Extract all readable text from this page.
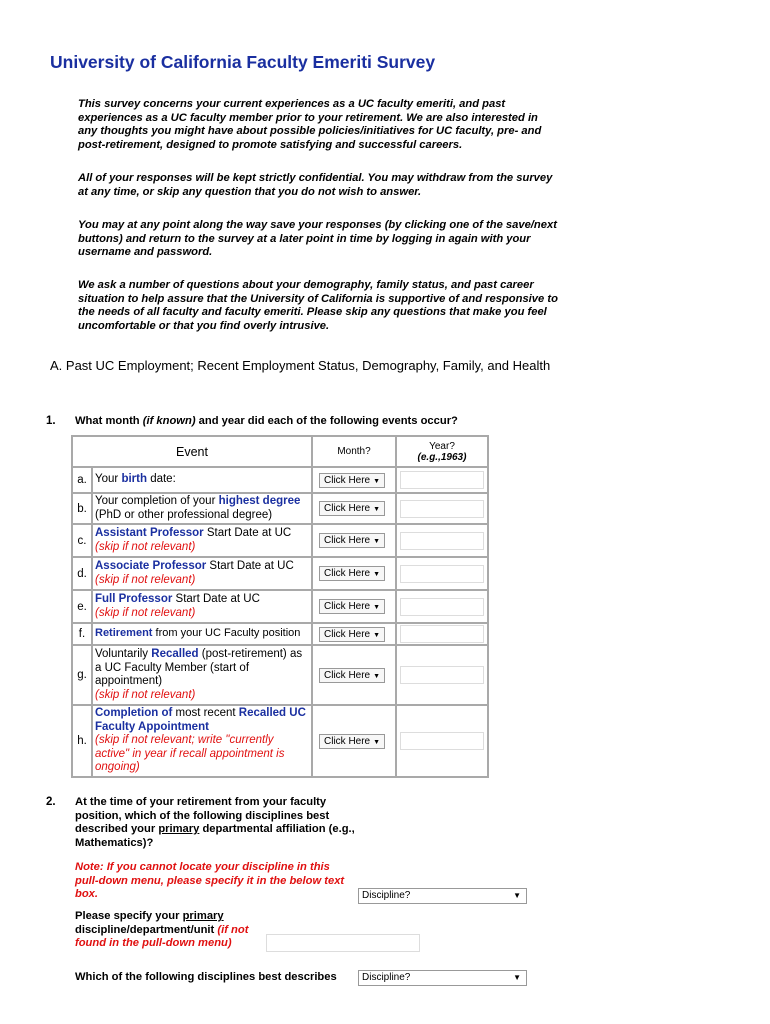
University of California Faculty Emeriti Survey
This survey concerns your current experiences as a UC faculty emeriti, and past experiences as a UC faculty member prior to your retirement. We are also interested in any thoughts you might have about possible policies/initiatives for UC faculty, pre- and post-retirement, designed to promote satisfying and successful careers.
All of your responses will be kept strictly confidential. You may withdraw from the survey at any time, or skip any question that you do not wish to answer.
You may at any point along the way save your responses (by clicking one of the save/next buttons) and return to the survey at a later point in time by logging in again with your username and password.
We ask a number of questions about your demography, family status, and past career situation to help assure that the University of California is supportive of and responsive to the needs of all faculty and faculty emeriti. Please skip any questions that make you feel uncomfortable or that you find overly intrusive.
A. Past UC Employment; Recent Employment Status, Demography, Family, and Health
1. What month (if known) and year did each of the following events occur?
Event		Month?	Year?
(e.g.,1963)
a.	Your birth date:	Click Here ▼	

b.	Your completion of your highest degree (PhD or other professional degree)	Click Here ▼	

c.	Assistant Professor Start Date at UC
(skip if not relevant)	Click Here ▼	

d.	Associate Professor Start Date at UC
(skip if not relevant)	Click Here ▼	

e.	Full Professor Start Date at UC
(skip if not relevant)	Click Here ▼	

f.	Retirement from your UC Faculty position	Click Here ▼	

g.	Voluntarily Recalled (post-retirement) as a UC Faculty Member (start of appointment)
(skip if not relevant)	Click Here ▼	

h.	Completion of most recent Recalled UC Faculty Appointment
(skip if not relevant; write "currently active" in year if recall appointment is ongoing)	Click Here ▼	
2. At the time of your retirement from your faculty position, which of the following disciplines best described your primary departmental affiliation (e.g., Mathematics)?
Note: If you cannot locate your discipline in this pull-down menu, please specify it in the below text box.	Discipline?	▼
Please specify your primary discipline/department/unit (if not found in the pull-down menu)
Which of the following disciplines best describes	Discipline?	▼
